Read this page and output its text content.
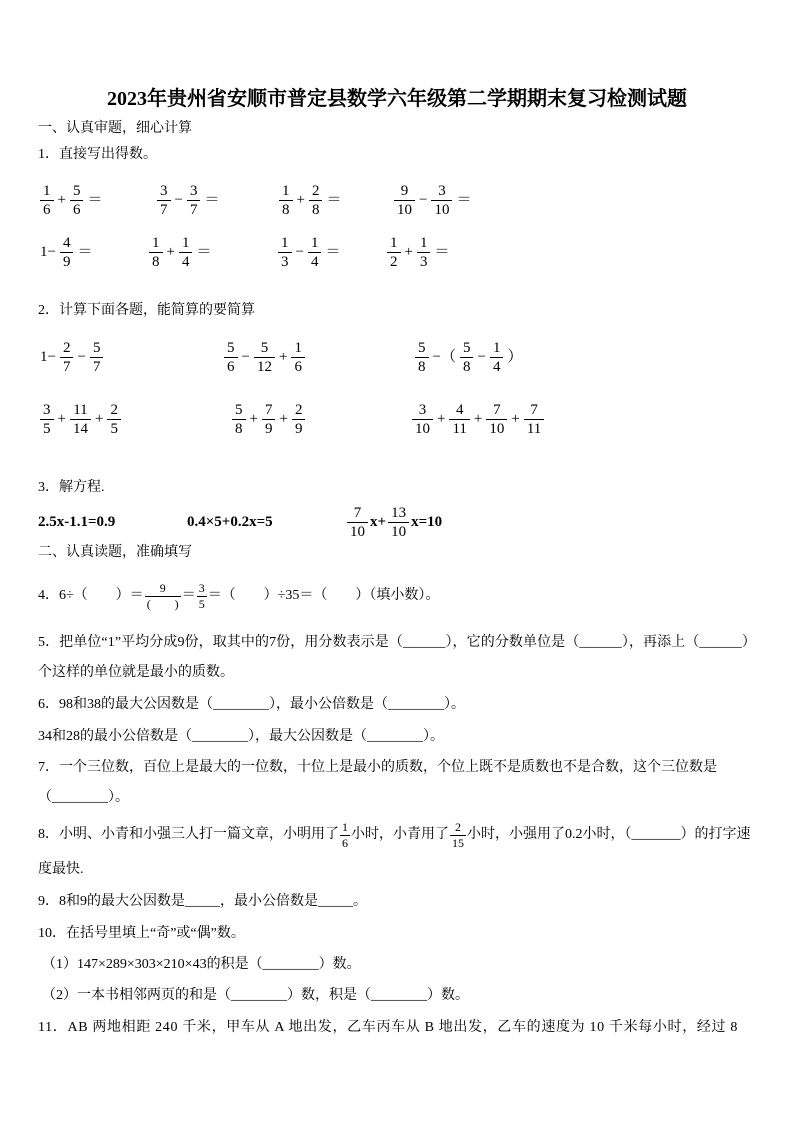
2023年贵州省安顺市普定县数学六年级第二学期期末复习检测试题
一、认真审题，细心计算
1．直接写出得数。
$\frac{1}{6} + \frac{5}{6}$ ＝	$\frac{3}{7} - \frac{3}{7}$ ＝	$\frac{1}{8} + \frac{2}{8}$ ＝	$\frac{9}{10} - \frac{3}{10}$ ＝
$1- \frac{4}{9}$ ＝	$\frac{1}{8} + \frac{1}{4}$ ＝	$\frac{1}{3} - \frac{1}{4}$ ＝	$\frac{1}{2} + \frac{1}{3}$ ＝
2．计算下面各题，能简算的要简算
$1- \frac{2}{7} - \frac{5}{7}$	$\frac{5}{6} - \frac{5}{12} + \frac{1}{6}$	$\frac{5}{8}$ −（ $\frac{5}{8} - \frac{1}{4}$ ）
$\frac{3}{5} + \frac{11}{14} + \frac{2}{5}$	$\frac{5}{8} + \frac{7}{9} + \frac{2}{9}$	$\frac{3}{10} + \frac{4}{11} + \frac{7}{10} + \frac{7}{11}$
3．解方程.
2.5x-1.1=0.9	0.4×5+0.2x=5	$\frac{7}{10} x+ \frac{13}{10} x=10$
二、认真读题，准确填写
4．6÷（　　）＝ $\frac{9}{( )} = \frac{3}{5}$ ＝（　　）÷35＝（　　）（填小数）。
5．把单位“1”平均分成9份，取其中的7份，用分数表示是（______），它的分数单位是（______），再添上（______）
个这样的单位就是最小的质数。
6．98和38的最大公因数是（________），最小公倍数是（________）。
34和28的最小公倍数是（________），最大公因数是（________）。
7．一个三位数，百位上是最大的一位数，十位上是最小的质数，个位上既不是质数也不是合数，这个三位数是
（________）。
8．小明、小青和小强三人打一篇文章，小明用了 $\frac{1}{6}$ 小时，小青用了 $\frac{2}{15}$ 小时，小强用了0.2小时，（_______）的打字速
度最快.
9．8和9的最大公因数是_____，最小公倍数是_____。
10．在括号里填上“奇”或“偶”数。
（1）147×289×303×210×43的积是（________）数。
（2）一本书相邻两页的和是（________）数，积是（________）数。
11．AB 两地相距 240 千米，甲车从 A 地出发，乙车丙车从 B 地出发，乙车的速度为 10 千米每小时，经过 8
